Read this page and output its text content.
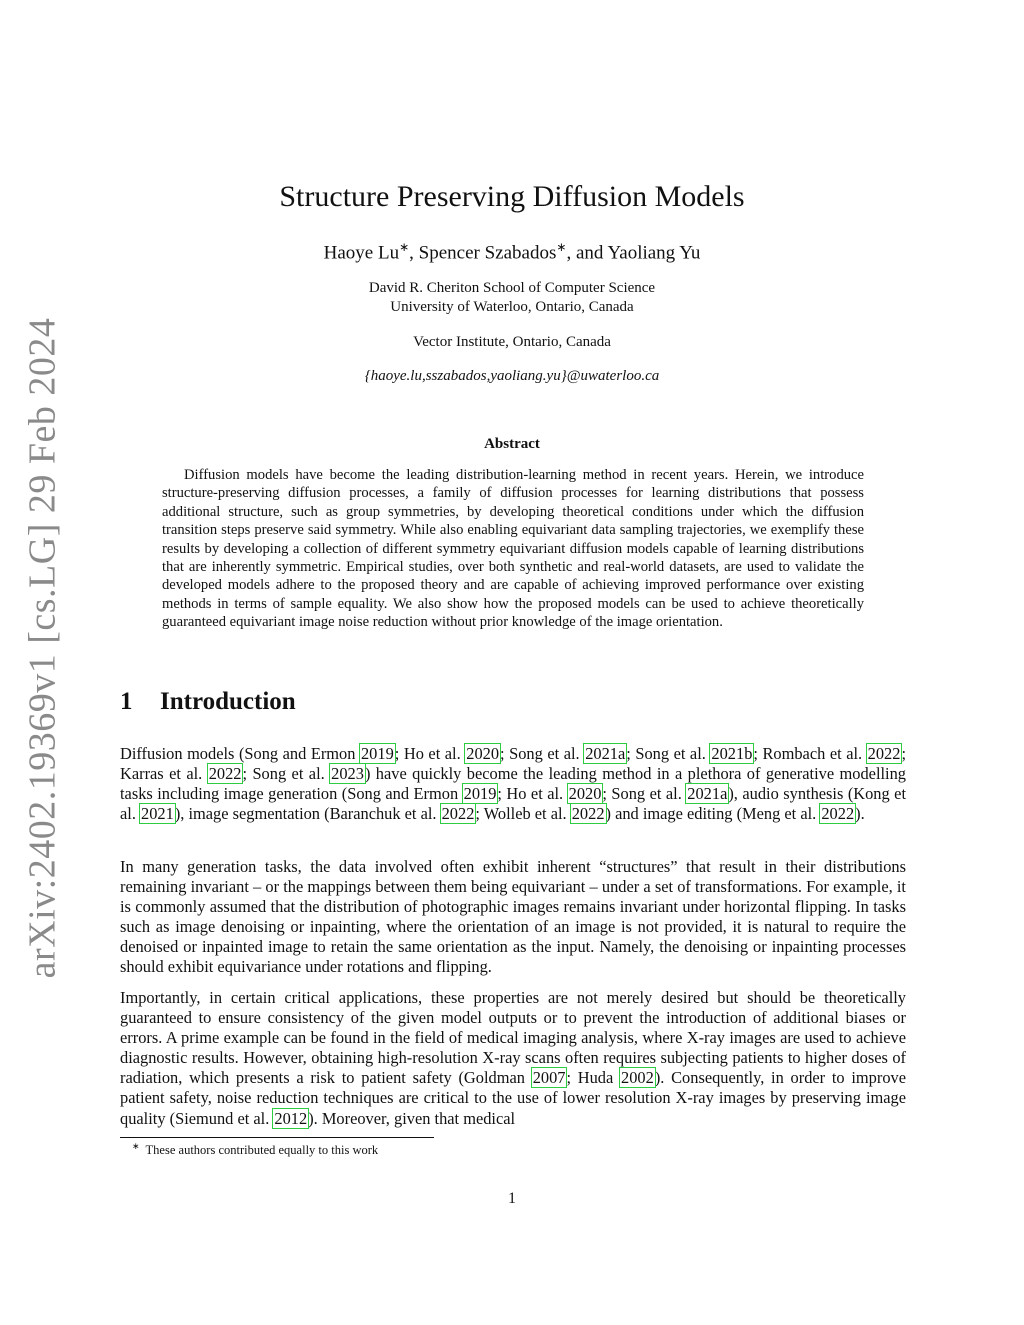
arXiv:2402.19369v1 [cs.LG] 29 Feb 2024
Structure Preserving Diffusion Models
Haoye Lu∗, Spencer Szabados∗, and Yaoliang Yu
David R. Cheriton School of Computer Science
University of Waterloo, Ontario, Canada
Vector Institute, Ontario, Canada
{haoye.lu,sszabados,yaoliang.yu}@uwaterloo.ca
Abstract

Diffusion models have become the leading distribution-learning method in recent years. Herein, we introduce structure-preserving diffusion processes, a family of diffusion processes for learning distributions that possess additional structure, such as group symmetries, by developing theoretical conditions under which the diffusion transition steps preserve said symmetry. While also enabling equivariant data sampling trajectories, we exemplify these results by developing a collection of different symmetry equivariant diffusion models capable of learning distributions that are inherently symmetric. Empirical studies, over both synthetic and real-world datasets, are used to validate the developed models adhere to the proposed theory and are capable of achieving improved performance over existing methods in terms of sample equality. We also show how the proposed models can be used to achieve theoretically guaranteed equivariant image noise reduction without prior knowledge of the image orientation.

1 Introduction

Diffusion models (Song and Ermon 2019; Ho et al. 2020; Song et al. 2021a; Song et al. 2021b; Rombach et al. 2022; Karras et al. 2022; Song et al. 2023) have quickly become the leading method in a plethora of generative modelling tasks including image generation (Song and Ermon 2019; Ho et al. 2020; Song et al. 2021a), audio synthesis (Kong et al. 2021), image segmentation (Baranchuk et al. 2022; Wolleb et al. 2022) and image editing (Meng et al. 2022).

In many generation tasks, the data involved often exhibit inherent “structures” that result in their distributions remaining invariant – or the mappings between them being equivariant – under a set of transformations. For example, it is commonly assumed that the distribution of photographic images remains invariant under horizontal flipping. In tasks such as image denoising or inpainting, where the orientation of an image is not provided, it is natural to require the denoised or inpainted image to retain the same orientation as the input. Namely, the denoising or inpainting processes should exhibit equivariance under rotations and flipping.

Importantly, in certain critical applications, these properties are not merely desired but should be theoretically guaranteed to ensure consistency of the given model outputs or to prevent the introduction of additional biases or errors. A prime example can be found in the field of medical imaging analysis, where X-ray images are used to achieve diagnostic results. However, obtaining high-resolution X-ray scans often requires subjecting patients to higher doses of radiation, which presents a risk to patient safety (Goldman 2007; Huda 2002). Consequently, in order to improve patient safety, noise reduction techniques are critical to the use of lower resolution X-ray images by preserving image quality (Siemund et al. 2012). Moreover, given that medical

∗ These authors contributed equally to this work
1
